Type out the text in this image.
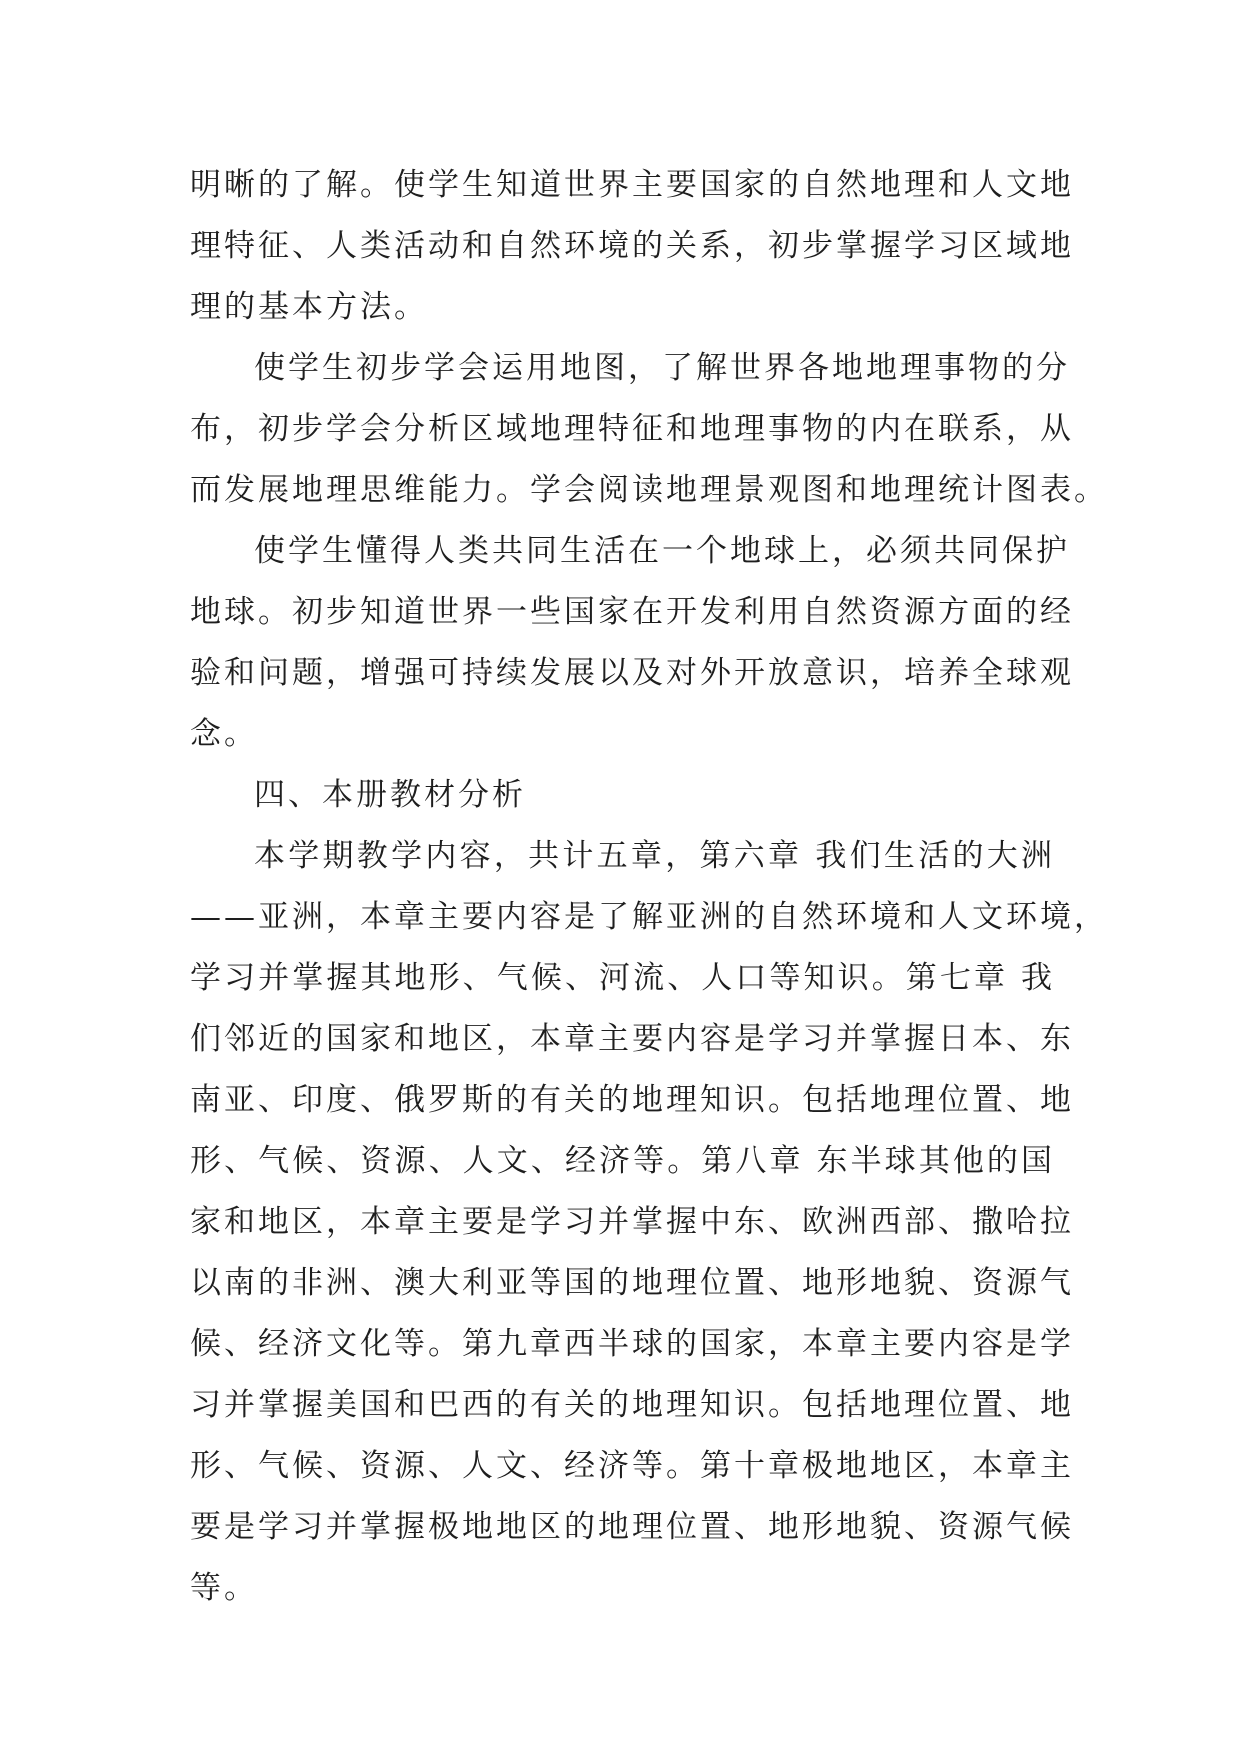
明晰的了解。使学生知道世界主要国家的自然地理和人文地
理特征、人类活动和自然环境的关系，初步掌握学习区域地
理的基本方法。
使学生初步学会运用地图，了解世界各地地理事物的分
布，初步学会分析区域地理特征和地理事物的内在联系，从
而发展地理思维能力。学会阅读地理景观图和地理统计图表。
使学生懂得人类共同生活在一个地球上，必须共同保护
地球。初步知道世界一些国家在开发利用自然资源方面的经
验和问题，增强可持续发展以及对外开放意识，培养全球观
念。
四、本册教材分析
本学期教学内容，共计五章，第六章 我们生活的大洲
——亚洲，本章主要内容是了解亚洲的自然环境和人文环境，
学习并掌握其地形、气候、河流、人口等知识。第七章 我
们邻近的国家和地区，本章主要内容是学习并掌握日本、东
南亚、印度、俄罗斯的有关的地理知识。包括地理位置、地
形、气候、资源、人文、经济等。第八章 东半球其他的国
家和地区，本章主要是学习并掌握中东、欧洲西部、撒哈拉
以南的非洲、澳大利亚等国的地理位置、地形地貌、资源气
候、经济文化等。第九章西半球的国家，本章主要内容是学
习并掌握美国和巴西的有关的地理知识。包括地理位置、地
形、气候、资源、人文、经济等。第十章极地地区，本章主
要是学习并掌握极地地区的地理位置、地形地貌、资源气候
等。
